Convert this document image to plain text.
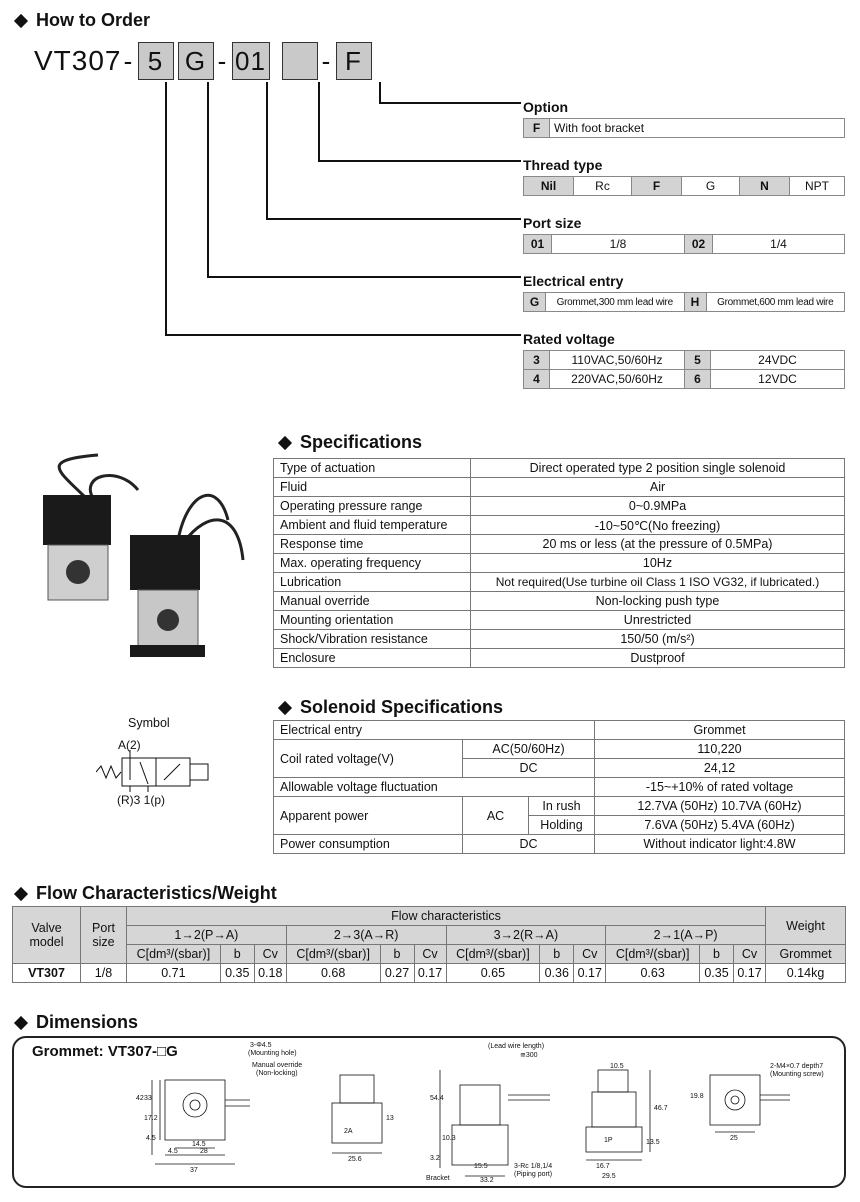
How to Order
VT307 - 5 G - 01 - F
Option
F	With foot bracket
Thread type
Nil	Rc	F	G	N	NPT
Port size
01	1/8	02	1/4
Electrical entry
G	Grommet,300 mm lead wire	H	Grommet,600 mm lead wire
Rated voltage
3	110VAC,50/60Hz	5	24VDC
4	220VAC,50/60Hz	6	12VDC
Specifications
Type of actuation	Direct operated type 2 position single solenoid
Fluid	Air
Operating pressure range	0~0.9MPa
Ambient and fluid temperature	-10~50℃(No freezing)
Response time	20 ms or less (at the pressure of 0.5MPa)
Max. operating frequency	10Hz
Lubrication	Not required(Use turbine oil Class 1 ISO VG32, if lubricated.)
Manual override	Non-locking push type
Mounting orientation	Unrestricted
Shock/Vibration resistance	150/50 (m/s²)
Enclosure	Dustproof
Symbol
A(2)
(R)3 1(p)
Solenoid Specifications
Electrical entry			Grommet
Coil rated voltage(V)	AC(50/60Hz)		110,220
	DC		24,12
Allowable voltage fluctuation			-15~+10% of rated voltage
Apparent power	AC	In rush	12.7VA (50Hz) 10.7VA (60Hz)
		Holding	7.6VA (50Hz) 5.4VA (60Hz)
Power consumption	DC		Without indicator light:4.8W
Flow Characteristics/Weight
Valve model	Port size	Flow characteristics												Weight
		1→2(P→A)			2→3(A→R)			3→2(R→A)			2→1(A→P)			
		C[dm³/(sbar)]	b	Cv	C[dm³/(sbar)]	b	Cv	C[dm³/(sbar)]	b	Cv	C[dm³/(sbar)]	b	Cv	Grommet
VT307	1/8	0.71	0.35	0.18	0.68	0.27	0.17	0.65	0.36	0.17	0.63	0.35	0.17	0.14kg
Dimensions
Grommet: VT307-□G	3-Φ4.5
(Mounting hole)
Manual override
(Non-locking)
42 33
17.2
4.5
14.5
28
4.5
37
13
25.6
2A
(Lead wire length)
≅300
54.4
10.3
3.2
15.5
33.2
3-Rc 1/8,1/4
(Piping port)
Bracket
10.5
46.7
13.5
16.7
29.5
1P
2-M4×0.7 depth7
(Mounting screw)
19.8
25
